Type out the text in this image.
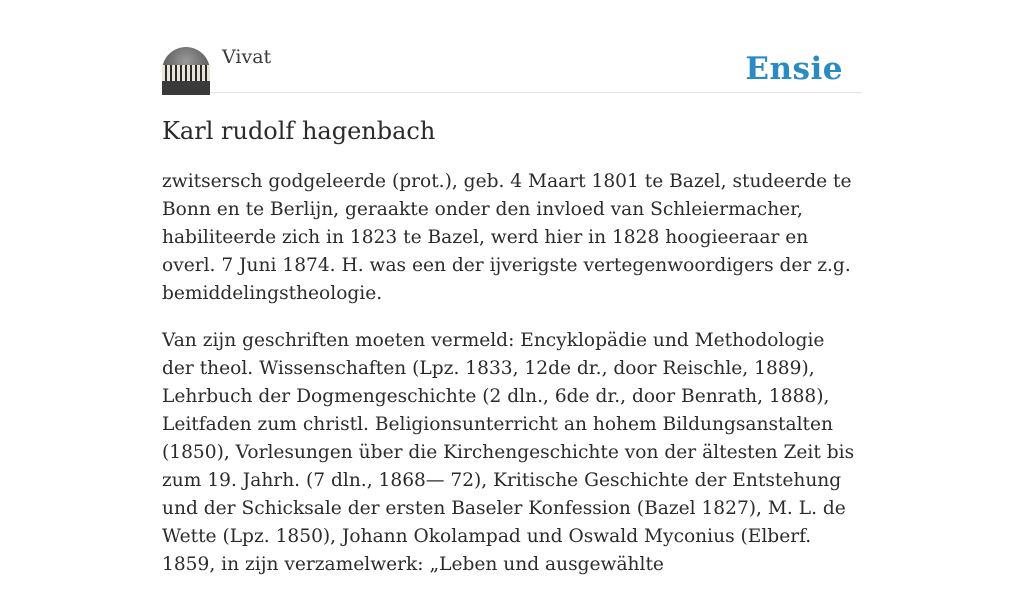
Vivat	Ensie
Karl rudolf hagenbach

zwitsersch godgeleerde (prot.), geb. 4 Maart 1801 te Bazel, studeerde te Bonn en te Berlijn, geraakte onder den invloed van Schleiermacher, habiliteerde zich in 1823 te Bazel, werd hier in 1828 hoogieeraar en overl. 7 Juni 1874. H. was een der ijverigste vertegenwoordigers der z.g. bemiddelingstheologie.

Van zijn geschriften moeten vermeld: Encyklopädie und Methodologie der theol. Wissenschaften (Lpz. 1833, 12de dr., door Reischle, 1889), Lehrbuch der Dogmengeschichte (2 dln., 6de dr., door Benrath, 1888), Leitfaden zum christl. Beligionsunterricht an hohem Bildungsanstalten (1850), Vorlesungen über die Kirchengeschichte von der ältesten Zeit bis zum 19. Jahrh. (7 dln., 1868— 72), Kritische Geschichte der Entstehung und der Schicksale der ersten Baseler Konfession (Bazel 1827), M. L. de Wette (Lpz. 1850), Johann Okolampad und Oswald Myconius (Elberf. 1859, in zijn verzamelwerk: „Leben und ausgewählte
